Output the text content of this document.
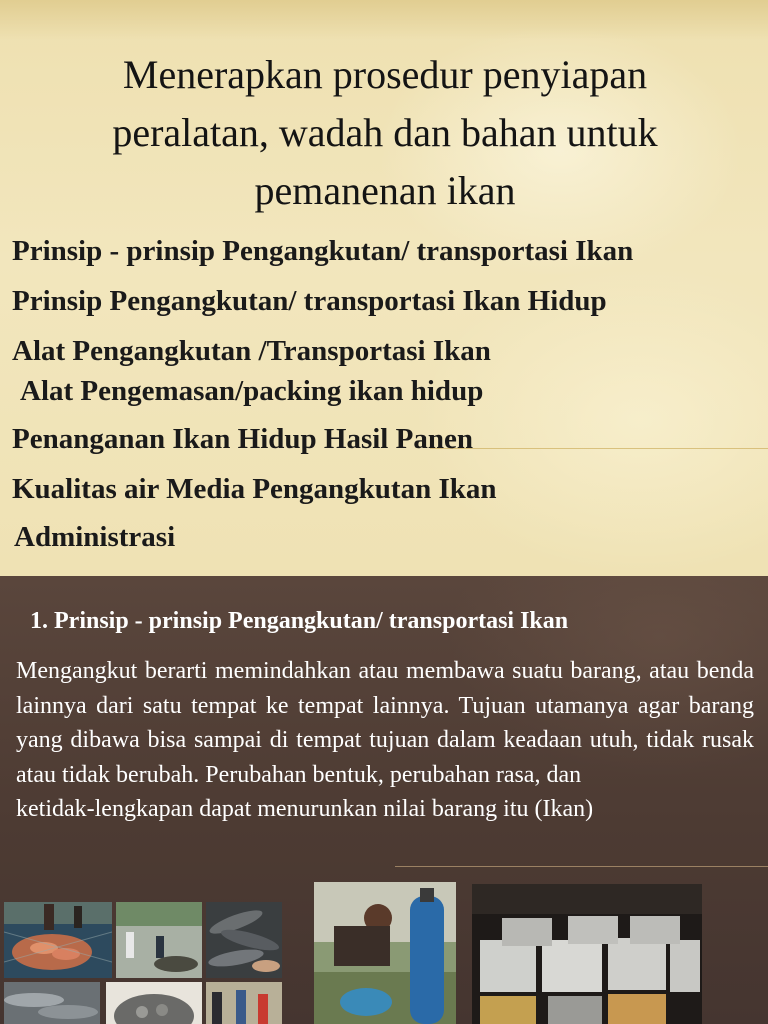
Menerapkan prosedur penyiapan
peralatan, wadah dan bahan untuk
pemanenan ikan
Prinsip - prinsip Pengangkutan/ transportasi Ikan
Prinsip Pengangkutan/ transportasi Ikan Hidup
Alat Pengangkutan /Transportasi Ikan
Alat Pengemasan/packing ikan hidup
Penanganan Ikan Hidup Hasil Panen
Kualitas air Media Pengangkutan Ikan
Administrasi
1. Prinsip - prinsip Pengangkutan/ transportasi Ikan
Mengangkut berarti memindahkan atau membawa suatu barang, atau benda lainnya dari satu tempat ke tempat lainnya. Tujuan utamanya agar barang yang dibawa bisa sampai di tempat tujuan dalam keadaan utuh, tidak rusak atau tidak berubah. Perubahan bentuk, perubahan rasa, dan
ketidak-lengkapan dapat menurunkan nilai barang itu (Ikan)
